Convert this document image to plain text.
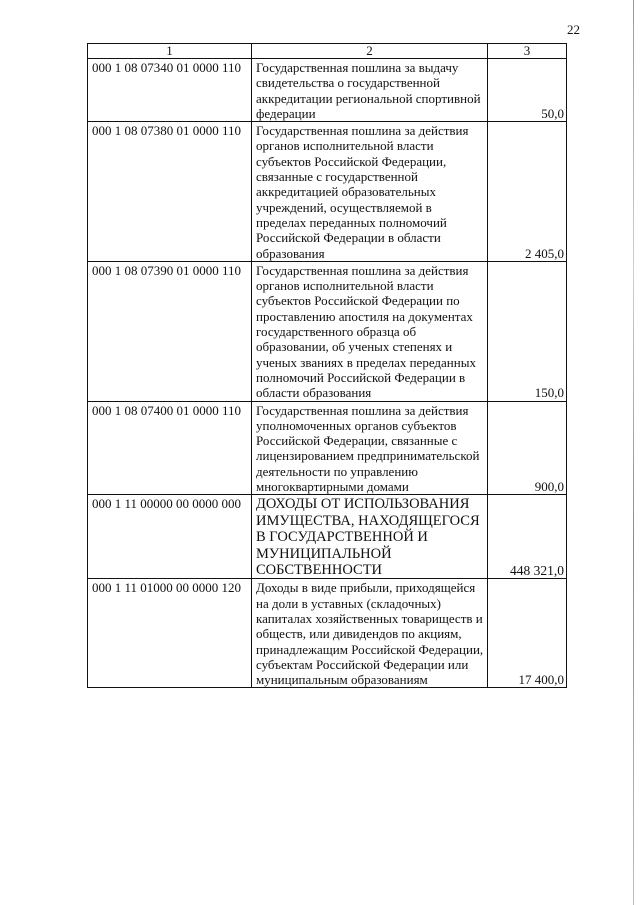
22
1	2	3
000 1 08 07340 01 0000 110	Государственная пошлина за выдачу свидетельства о государственной аккредитации региональной спортивной федерации	50,0
000 1 08 07380 01 0000 110	Государственная пошлина за действия органов исполнительной власти субъектов Российской Федерации, связанные с государственной аккредитацией образовательных учреждений, осуществляемой в пределах переданных полномочий Российской Федерации в области образования	2 405,0
000 1 08 07390 01 0000 110	Государственная пошлина за действия органов исполнительной власти субъектов Российской Федерации по проставлению апостиля на документах государственного образца об образовании, об ученых степенях и ученых званиях в пределах переданных полномочий Российской Федерации в области образования	150,0
000 1 08 07400 01 0000 110	Государственная пошлина за действия уполномоченных органов субъектов Российской Федерации, связанные с лицензированием предпринимательской деятельности по управлению многоквартирными домами	900,0
000 1 11 00000 00 0000 000	ДОХОДЫ ОТ ИСПОЛЬЗОВАНИЯ ИМУЩЕСТВА, НАХОДЯЩЕГОСЯ В ГОСУДАРСТВЕННОЙ И МУНИЦИПАЛЬНОЙ СОБСТВЕННОСТИ	448 321,0
000 1 11 01000 00 0000 120	Доходы в виде прибыли, приходящейся на доли в уставных (складочных) капиталах хозяйственных товариществ и обществ, или дивидендов по акциям, принадлежащим Российской Федерации, субъектам Российской Федерации или муниципальным образованиям	17 400,0
